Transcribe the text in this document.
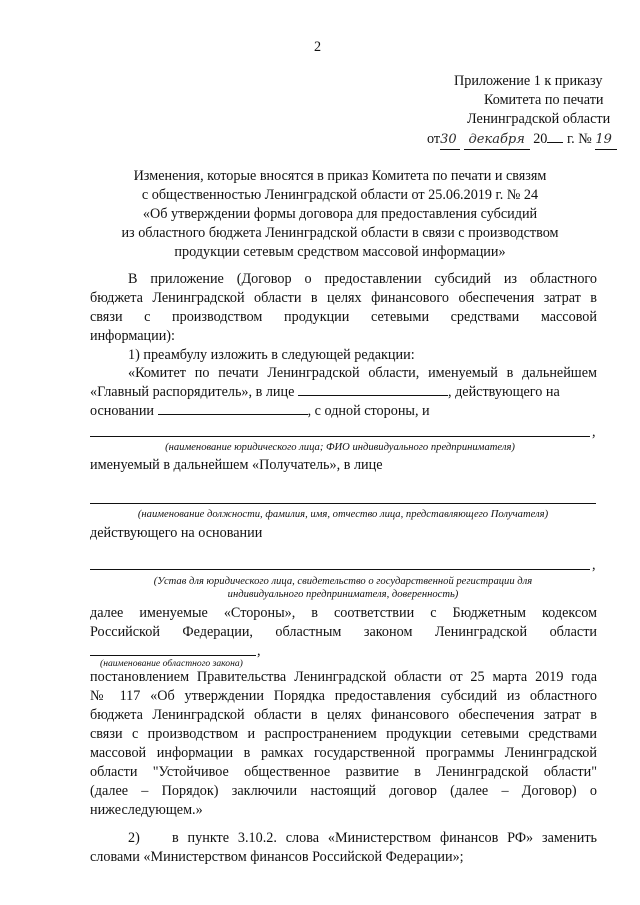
2
Приложение 1 к приказу
Комитета по печати
Ленинградской области
от30 декабря 20 г. № 19
Изменения, которые вносятся в приказ Комитета по печати и связям
с общественностью Ленинградской области от 25.06.2019 г. № 24
«Об утверждении формы договора для предоставления субсидий
из областного бюджета Ленинградской области в связи с производством
продукции сетевым средством массовой информации»
В приложение (Договор о предоставлении субсидий из областного
бюджета Ленинградской области в целях финансового обеспечения затрат в
связи с производством продукции сетевыми средствами массовой
информации):
1) преамбулу изложить в следующей редакции:
«Комитет по печати Ленинградской области, именуемый в дальнейшем
«Главный распорядитель», в лице	, действующего на
основании	, с одной стороны, и
,
(наименование юридического лица; ФИО индивидуального предпринимателя)
именуемый в дальнейшем «Получатель», в лице
(наименование должности, фамилия, имя, отчество лица, представляющего Получателя)
действующего на основании
,
(Устав для юридического лица, свидетельство о государственной регистрации для
индивидуального предпринимателя, доверенность)
далее именуемые «Стороны», в соответствии с Бюджетным кодексом
Российской Федерации, областным законом Ленинградской области
,
(наименование областного закона)
постановлением Правительства Ленинградской области от 25 марта 2019 года
№ 117 «Об утверждении Порядка предоставления субсидий из областного
бюджета Ленинградской области в целях финансового обеспечения затрат в
связи с производством и распространением продукции сетевыми средствами
массовой информации в рамках государственной программы Ленинградской
области "Устойчивое общественное развитие в Ленинградской области"
(далее – Порядок) заключили настоящий договор (далее – Договор) о
нижеследующем.»
2) в пункте 3.10.2. слова «Министерством финансов РФ» заменить
словами «Министерством финансов Российской Федерации»;
